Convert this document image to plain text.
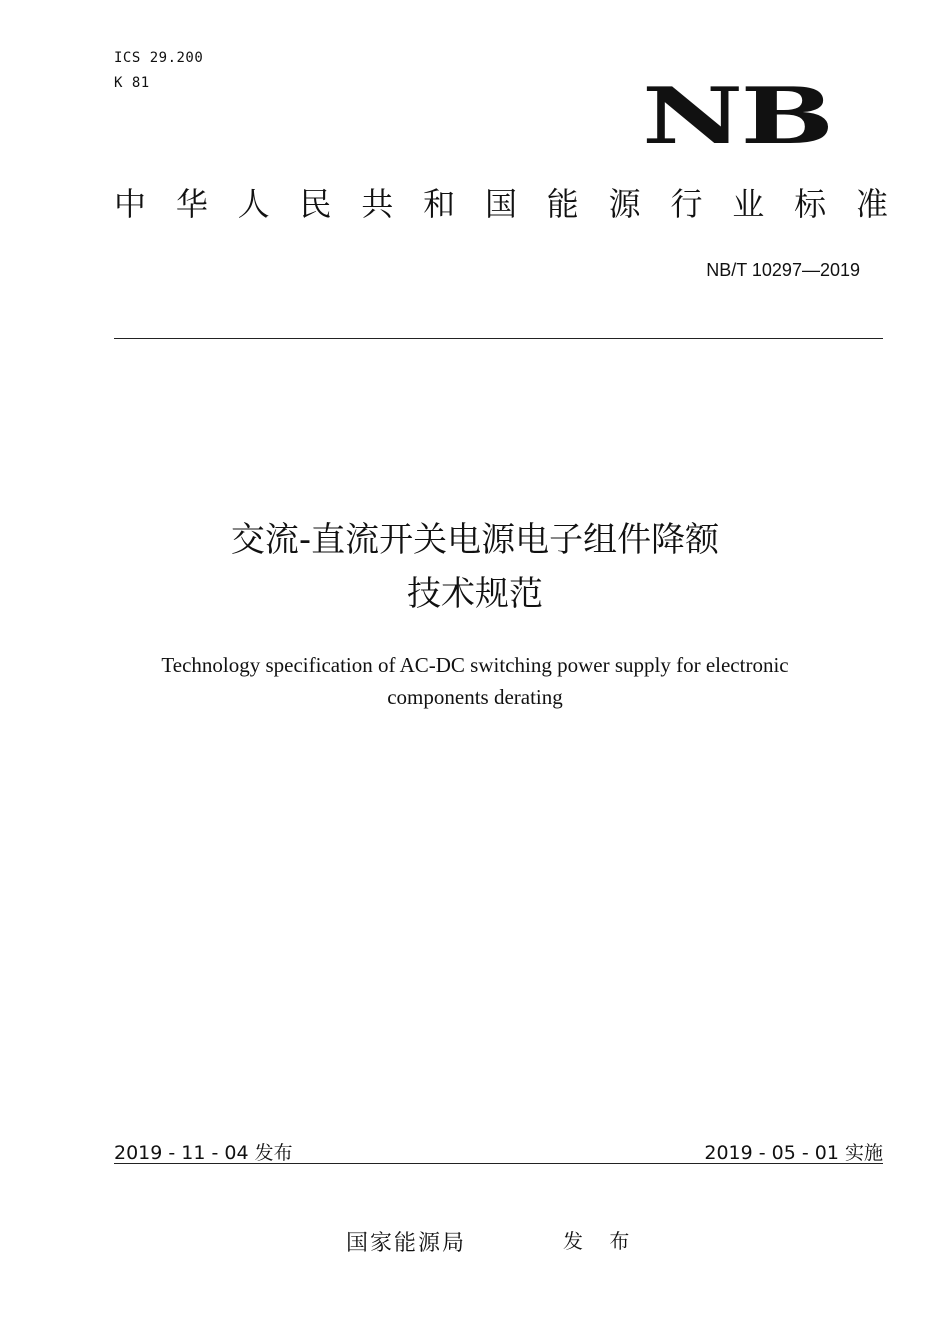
ICS 29.200
K 81	NB
中 华 人 民 共 和 国 能 源 行 业 标 准
NB/T 10297—2019
交流-直流开关电源电子组件降额
技术规范
Technology specification of AC-DC switching power supply for electronic
components derating
2019 - 11 - 04 发布	2019 - 05 - 01 实施
国家能源局	发 布
